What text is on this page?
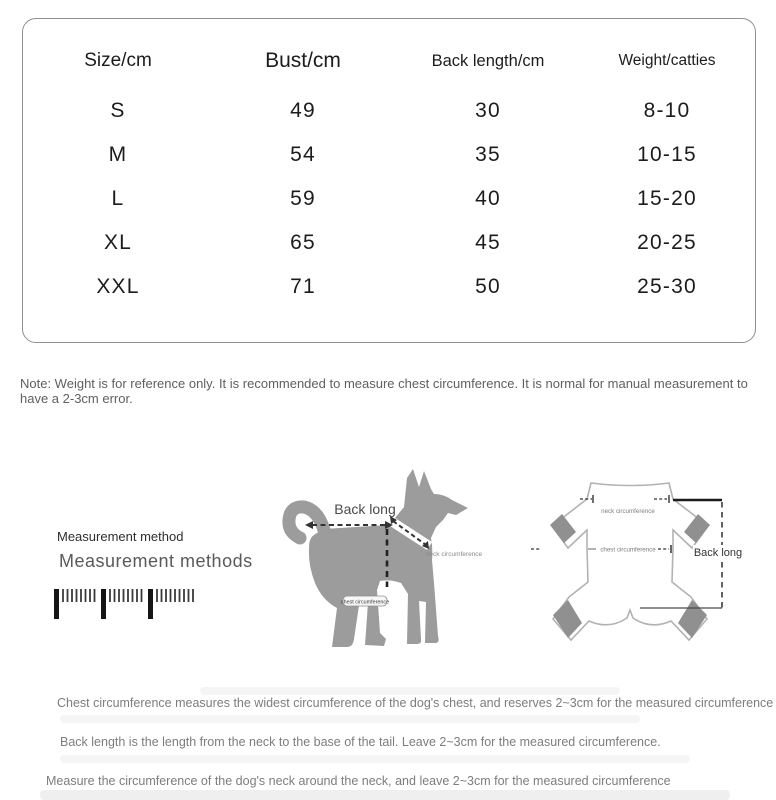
Size/cm	Bust/cm	Back length/cm	Weight/catties
S	49	30	8-10
M	54	35	10-15
L	59	40	15-20
XL	65	45	20-25
XXL	71	50	25-30
Note: Weight is for reference only. It is recommended to measure chest circumference. It is normal for manual measurement to have a 2-3cm error.
Measurement method
Measurement methods
Back long
neck circumference
chest circumference
neck circumference
chest circumference	Back long
Chest circumference measures the widest circumference of the dog's chest, and reserves 2~3cm for the measured circumference
Back length is the length from the neck to the base of the tail. Leave 2~3cm for the measured circumference.
Measure the circumference of the dog's neck around the neck, and leave 2~3cm for the measured circumference
